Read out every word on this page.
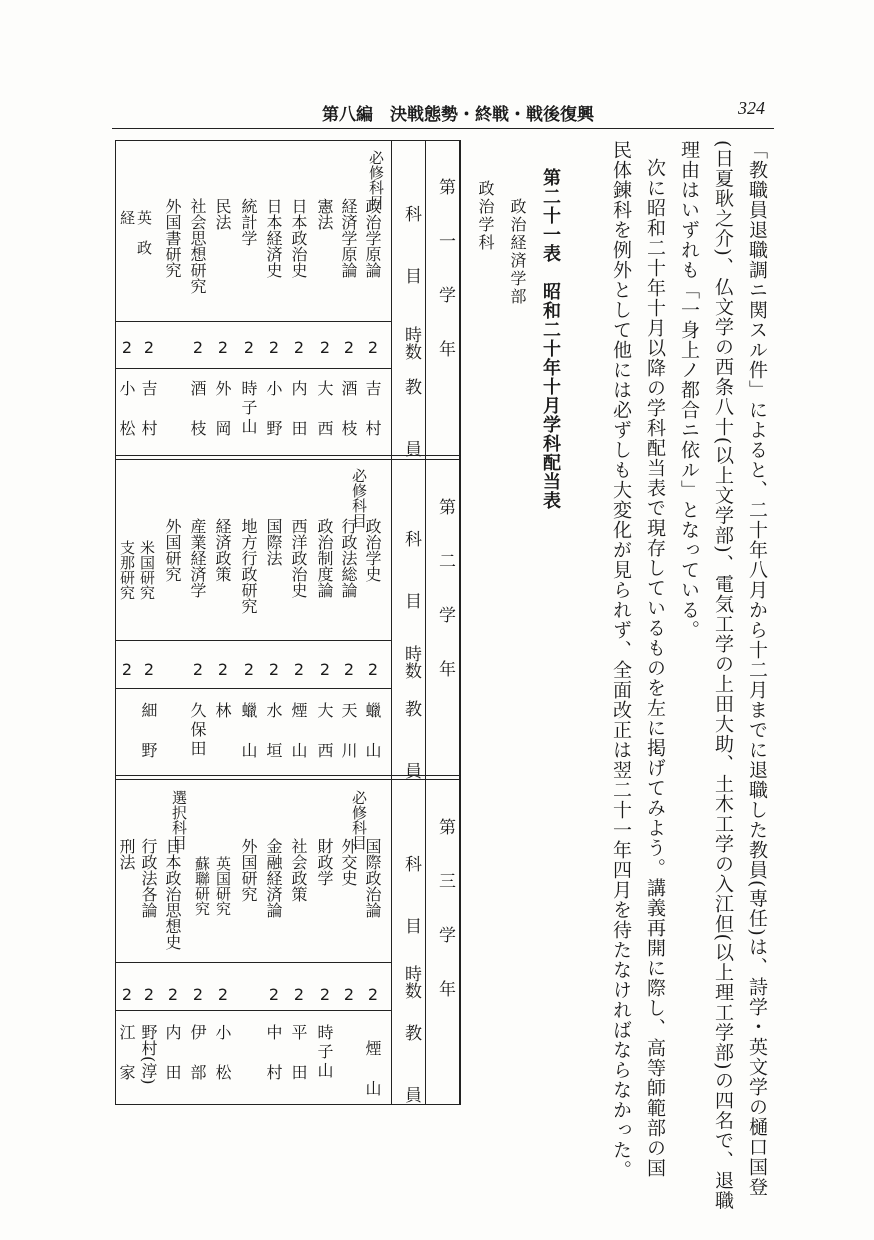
第八編　決戦態勢・終戦・戦後復興	324
「教職員退職調ニ関スル件」によると、二十年八月から十二月までに退職した教員(専任)は、詩学・英文学の樋口国登
(日夏耿之介)、仏文学の西条八十(以上文学部)、電気工学の上田大助、土木工学の入江但(以上理工学部)の四名で、退職
理由はいずれも「一身上ノ都合ニ依ル」となっている。
次に昭和二十年十月以降の学科配当表で現存しているものを左に掲げてみよう。講義再開に際し、高等師範部の国
民体錬科を例外として他には必ずしも大変化が見られず、全面改正は翌二十一年四月を待たなければならなかった。
第二十一表　昭和二十年十月学科配当表
政治経済学部
政治学科
第　一　学　年
第　二　学　年
第　三　学　年
科　目
時数
教　員
科　目
時数
教　員
科　目
時数
教　員
必修科目
政治学原論
経済学原論
憲法
日本政治史
日本経済史
統計学
民法
社会思想研究
外国書研究
英　政
経
2
2
2
2
2
2
2
2
2
2
吉村
酒枝
大西
内田
小野
時子山
外岡
酒枝
吉村
小松
必修科目
政治学史
行政法総論
政治制度論
西洋政治史
国際法
地方行政研究
経済政策
産業経済学
外国研究
米国研究
支那研究
2
2
2
2
2
2
2
2
2
2
蠟山
天川
大西
煙山
水垣
蠟山
林
久保田
細野
必修科目
選択科目
国際政治論
外交史
財政学
社会政策
金融経済論
外国研究
英国研究
蘇聯研究
行政法各論 日本政治思想史
刑法
2
2
2
2
2
2
2
2
2
2
煙山
時子山
平田
中村
小松
伊部
内田
野村(淳)
江家
